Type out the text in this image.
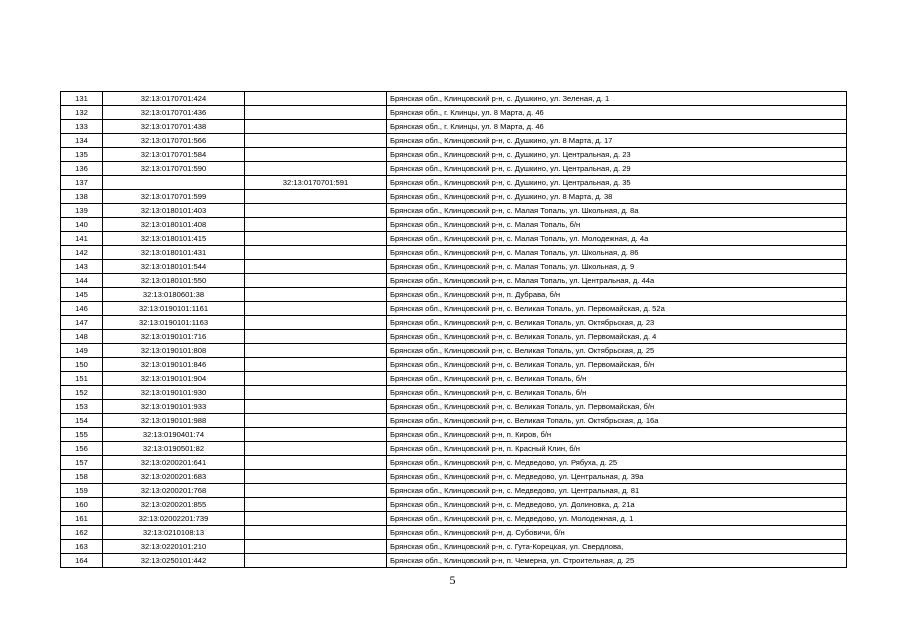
131	32:13:0170701:424		Брянская обл., Клинцовский р-н, с. Душкино, ул. Зеленая, д. 1
132	32:13:0170701:436		Брянская обл., г. Клинцы, ул. 8 Марта, д. 46
133	32:13:0170701:438		Брянская обл., г. Клинцы, ул. 8 Марта, д. 46
134	32:13:0170701:566		Брянская обл., Клинцовский р-н, с. Душкино, ул. 8 Марта, д. 17
135	32:13:0170701:584		Брянская обл., Клинцовский р-н, с. Душкино, ул. Центральная, д. 23
136	32:13:0170701:590		Брянская обл., Клинцовский р-н, с. Душкино, ул. Центральная, д. 29
137		32:13:0170701:591	Брянская обл., Клинцовский р-н, с. Душкино, ул. Центральная, д. 35
138	32:13:0170701:599		Брянская обл., Клинцовский р-н, с. Душкино, ул. 8 Марта, д. 38
139	32:13:0180101:403		Брянская обл., Клинцовский р-н, с. Малая Топаль, ул. Школьная, д. 8а
140	32:13:0180101:408		Брянская обл., Клинцовский р-н, с. Малая Топаль, б/н
141	32:13:0180101:415		Брянская обл., Клинцовский р-н, с. Малая Топаль, ул. Молодежная, д. 4а
142	32:13:0180101:431		Брянская обл., Клинцовский р-н, с. Малая Топаль, ул. Школьная, д. 86
143	32:13:0180101:544		Брянская обл., Клинцовский р-н, с. Малая Топаль, ул. Школьная, д. 9
144	32:13:0180101:550		Брянская обл., Клинцовский р-н, с. Малая Топаль, ул. Центральная, д. 44а
145	32:13:0180601:38		Брянская обл., Клинцовский р-н, п. Дубрава, б/н
146	32:13:0190101:1161		Брянская обл., Клинцовский р-н, с. Великая Топаль, ул. Первомайская, д. 52а
147	32:13:0190101:1163		Брянская обл., Клинцовский р-н, с. Великая Топаль, ул. Октябрьская, д. 23
148	32:13:0190101:716		Брянская обл., Клинцовский р-н, с. Великая Топаль, ул. Первомайская, д. 4
149	32:13:0190101:808		Брянская обл., Клинцовский р-н, с. Великая Топаль, ул. Октябрьская, д. 25
150	32:13:0190101:846		Брянская обл., Клинцовский р-н, с. Великая Топаль, ул. Первомайская, б/н
151	32:13:0190101:904		Брянская обл., Клинцовский р-н, с. Великая Топаль, б/н
152	32:13:0190101:930		Брянская обл., Клинцовский р-н, с. Великая Топаль, б/н
153	32:13:0190101:933		Брянская обл., Клинцовский р-н, с. Великая Топаль, ул. Первомайская, б/н
154	32:13:0190101:988		Брянская обл., Клинцовский р-н, с. Великая Топаль, ул. Октябрьская, д. 16а
155	32:13:0190401:74		Брянская обл., Клинцовский р-н, п. Киров, б/н
156	32:13:0190501:82		Брянская обл., Клинцовский р-н, п. Красный Клин, б/н
157	32:13:0200201:641		Брянская обл., Клинцовский р-н, с. Медведово, ул. Рябуха, д. 25
158	32:13:0200201:683		Брянская обл., Клинцовский р-н, с. Медведово, ул. Центральная, д. 39а
159	32:13:0200201:768		Брянская обл., Клинцовский р-н, с. Медведово, ул. Центральная, д. 81
160	32:13:0200201:855		Брянская обл., Клинцовский р-н, с. Медведово, ул. Долиновка, д. 21а
161	32:13:02002201:739		Брянская обл., Клинцовский р-н, с. Медведово, ул. Молодежная, д. 1
162	32:13:0210108:13		Брянская обл., Клинцовский р-н, д. Субовичи, б/н
163	32:13:0220101:210		Брянская обл., Клинцовский р-н, с. Гута-Корецкая, ул. Свердлова,
164	32:13:0250101:442		Брянская обл., Клинцовский р-н, п. Чемерна, ул. Строительная, д. 25
5
